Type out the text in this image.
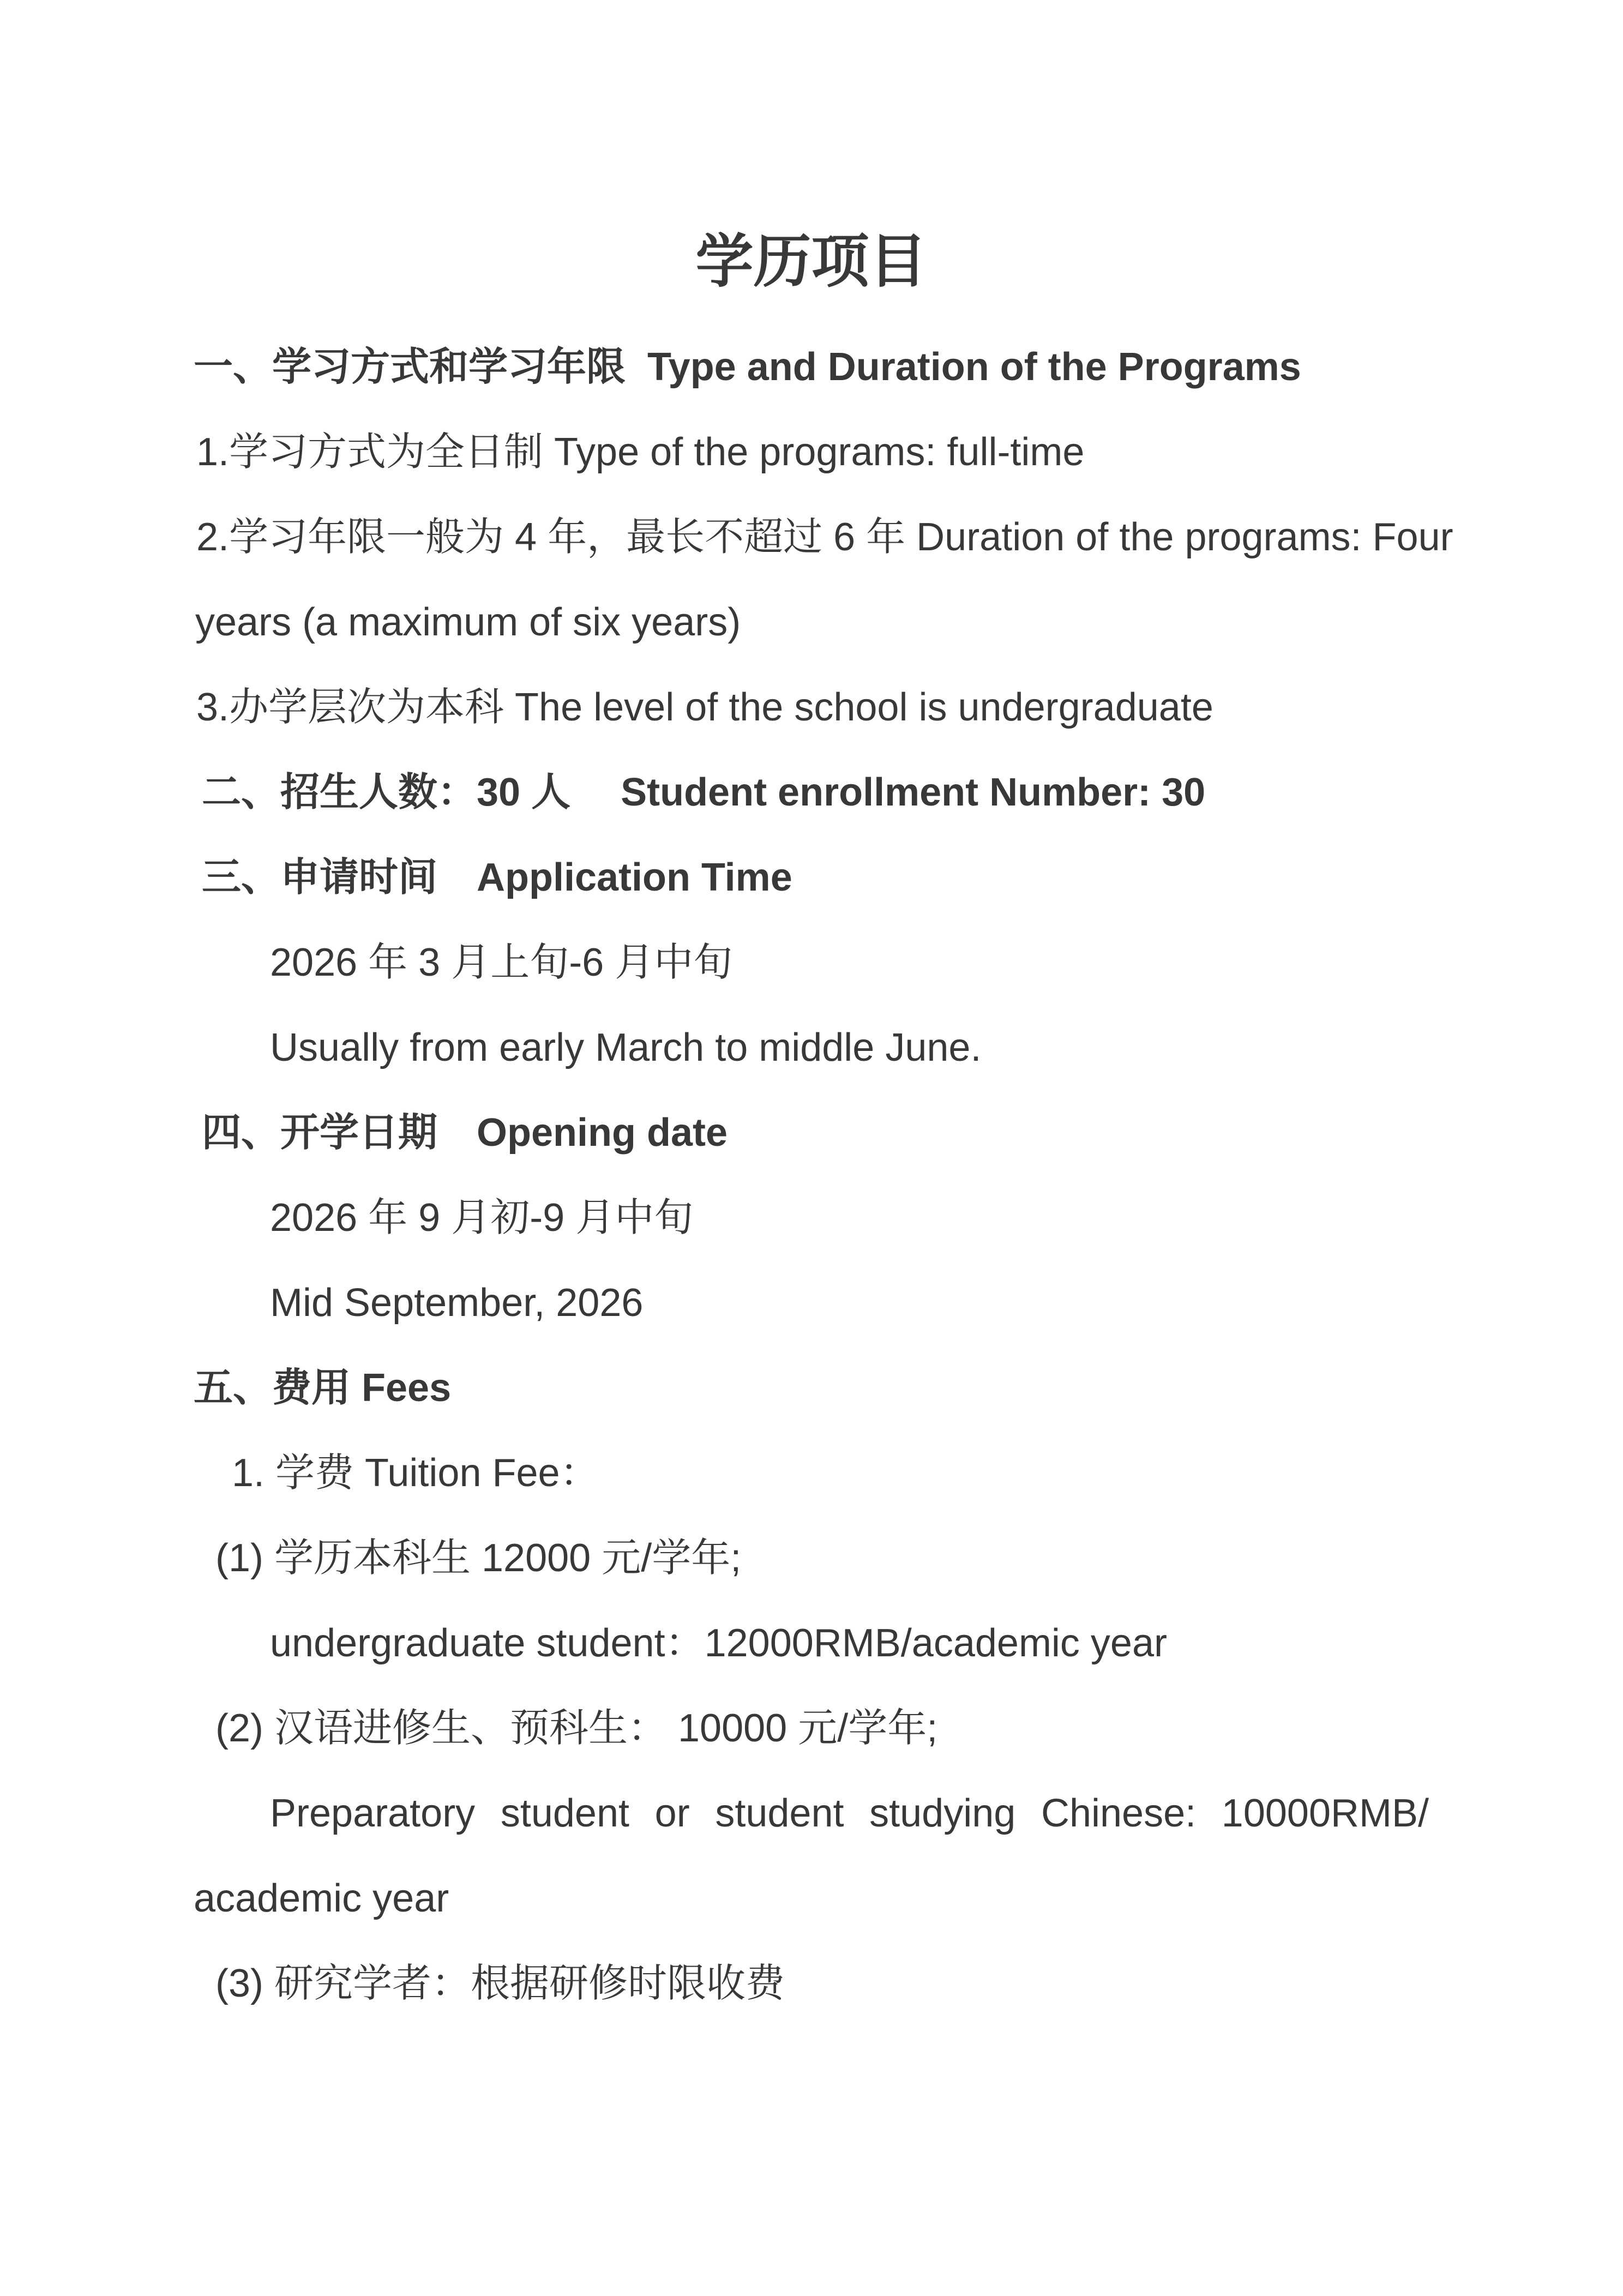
学历项目

一、学习方式和学习年限  Type and Duration of the Programs

1.学习方式为全日制 Type of the programs: full-time

2.学习年限一般为 4 年，最长不超过 6 年 Duration of the programs: Four

years (a maximum of six years)

3.办学层次为本科 The level of the school is undergraduate

二、招生人数：30 人　 Student enrollment Number: 30

三、申请时间　Application Time

2026 年 3 月上旬-6 月中旬

Usually from early March to middle June.

四、开学日期　Opening date

2026 年 9 月初-9 月中旬

Mid September, 2026

五、费用 Fees

1. 学费 Tuition Fee：

(1) 学历本科生 12000 元/学年;

undergraduate student：12000RMB/academic year

(2) 汉语进修生、预科生： 10000 元/学年;

Preparatory student or student studying Chinese: 10000RMB/

academic year

(3) 研究学者：根据研修时限收费
